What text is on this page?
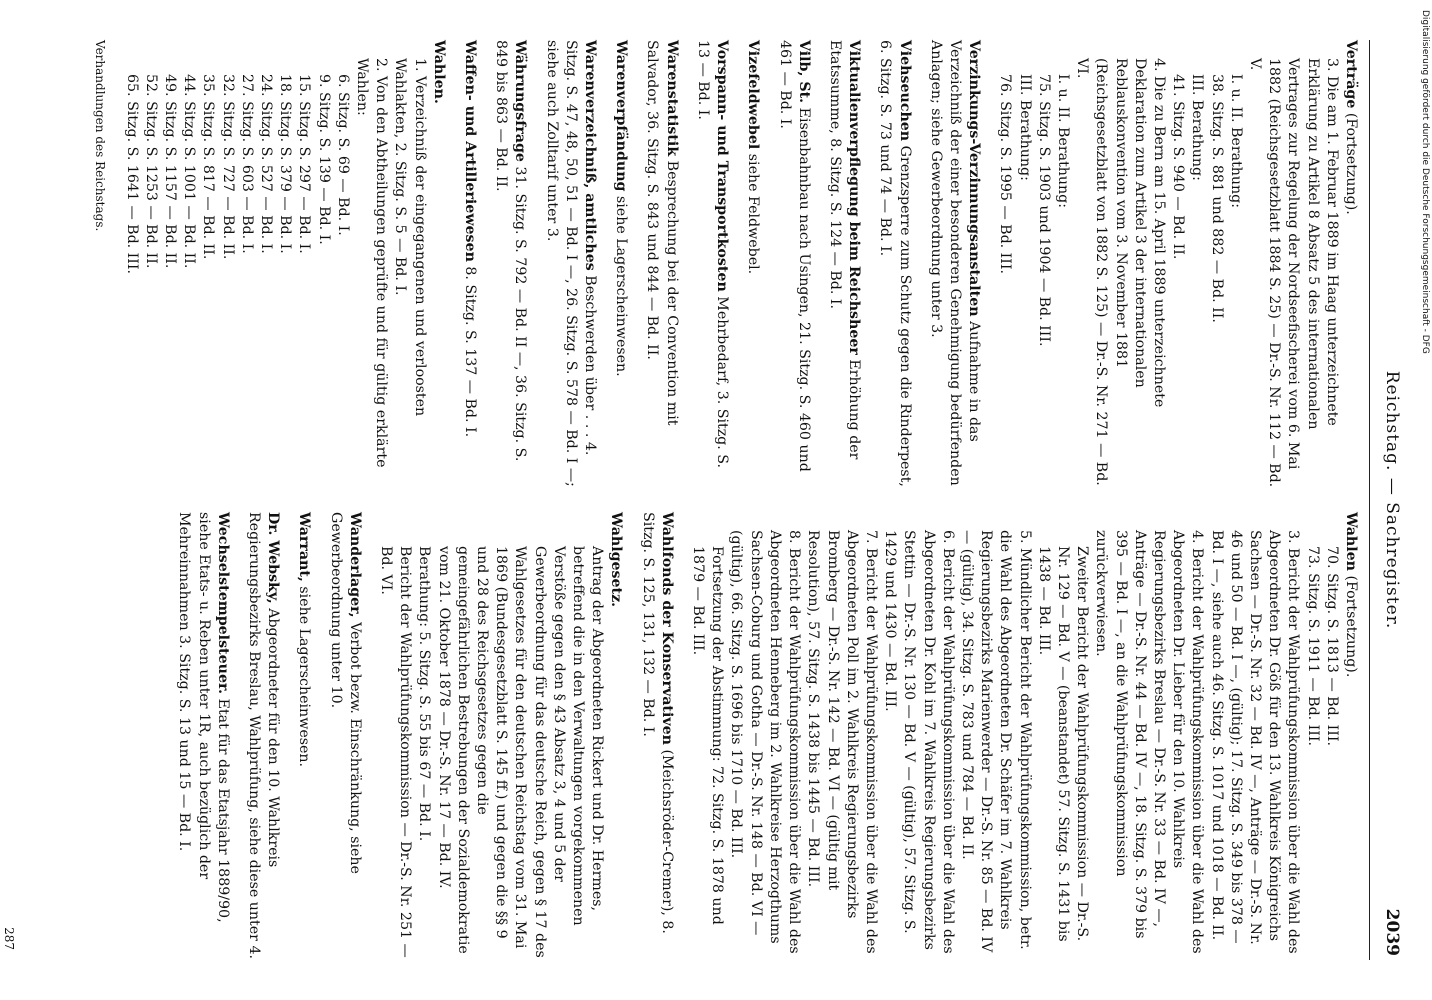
Reichstag. — Sachregister.
2039
Verträge (Fortsetzung).
3. Die am 1. Februar 1889 im Haag unterzeichnete Erklärung zu Artikel 8 Absatz 5 des internationalen Vertrages zur Regelung der Nordseefischerei vom 6. Mai 1882 (Reichsgesetzblatt 1884 S. 25) — Dr.-S. Nr. 112 — Bd. V.
I. u. II. Berathung:
38. Sitzg. S. 881 und 882 — Bd. II.
III. Berathung:
41. Sitzg. S. 940 — Bd. II.
4. Die zu Bern am 15. April 1889 unterzeichnete Deklaration zum Artikel 3 der internationalen Reblauskonvention vom 3. November 1881 (Reichsgesetzblatt von 1882 S. 125) — Dr.-S. Nr. 271 — Bd. VI.
I. u. II. Berathung:
75. Sitzg. S. 1903 und 1904 — Bd. III.
III. Berathung:
76. Sitzg. S. 1995 — Bd. III.
Verzinkungs-Verzinnungsanstalten Aufnahme in das Verzeichniß der einer besonderen Genehmigung bedürfenden Anlagen; siehe Gewerbeordnung unter 3.
Viehseuchen Grenzsperre zum Schutz gegen die Rinderpest, 6. Sitzg. S. 73 und 74 — Bd. I.
Viktualienverpflegung beim Reichsheer Erhöhung der Etatssumme, 8. Sitzg. S. 124 — Bd. I.
Vilb, St. Eisenbahnbau nach Usingen, 21. Sitzg. S. 460 und 461 — Bd. I.
Vizefeldwebel siehe Feldwebel.
Vorspann- und Transportkosten Mehrbedarf, 3. Sitzg. S. 13 — Bd. I.
Warenstatistik Besprechung bei der Convention mit Salvador, 36. Sitzg. S. 843 und 844 — Bd. II.
Warenverpfändung siehe Lagerscheinwesen.
Warenverzeichniß, amtliches Beschwerden über . . . 4. Sitzg. S. 47, 48, 50, 51 — Bd. I —, 26. Sitzg. S. 578 — Bd. I —; siehe auch Zolltarif unter 3.
Währungsfrage 31. Sitzg. S. 792 — Bd. II —, 36. Sitzg. S. 849 bis 863 — Bd. II.
Waffen- und Artilleriewesen 8. Sitzg. S. 137 — Bd. I.
Wahlen.
1. Verzeichniß der eingegangenen und verloosten Wahlakten, 2. Sitzg. S. 5 — Bd. I.
2. Von den Abtheilungen geprüfte und für gültig erklärte Wahlen:
6. Sitzg. S. 69 — Bd. I.
9. Sitzg. S. 139 — Bd. I.
15. Sitzg. S. 297 — Bd. I.
18. Sitzg. S. 379 — Bd. I.
24. Sitzg. S. 527 — Bd. I.
27. Sitzg. S. 603 — Bd. I.
32. Sitzg. S. 727 — Bd. II.
35. Sitzg. S. 817 — Bd. II.
44. Sitzg. S. 1001 — Bd. II.
49. Sitzg. S. 1157 — Bd. II.
52. Sitzg. S. 1253 — Bd. II.
65. Sitzg. S. 1641 — Bd. III.
Verhandlungen des Reichstags.
Wahlen (Fortsetzung).
70. Sitzg. S. 1813 — Bd. III.
73. Sitzg. S. 1911 — Bd. III.
3. Bericht der Wahlprüfungskommission über die Wahl des Abgeordneten Dr. Göß für den 13. Wahlkreis Königreichs Sachsen — Dr.-S. Nr. 32 — Bd. IV —, Anträge — Dr.-S. Nr. 46 und 50 — Bd. I —, (gültig); 17. Sitzg. S. 349 bis 378 — Bd. I —, siehe auch 46. Sitzg. S. 1017 und 1018 — Bd. II.
4. Bericht der Wahlprüfungskommission über die Wahl des Abgeordneten Dr. Lieber für den 10. Wahlkreis Regierungsbezirks Breslau — Dr.-S. Nr. 33 — Bd. IV —, Anträge — Dr.-S. Nr. 44 — Bd. IV —, 18. Sitzg. S. 379 bis 395 — Bd. I —, an die Wahlprüfungskommission zurückverwiesen.
Zweiter Bericht der Wahlprüfungskommission — Dr.-S. Nr. 129 — Bd. V — (beanstandet) 57. Sitzg. S. 1431 bis 1438 — Bd. III.
5. Mündlicher Bericht der Wahlprüfungskommission, betr. die Wahl des Abgeordneten Dr. Schäfer im 7. Wahlkreis Regierungsbezirks Marienwerder — Dr.-S. Nr. 85 — Bd. IV — (gültig), 34. Sitzg. S. 783 und 784 — Bd. II.
6. Bericht der Wahlprüfungskommission über die Wahl des Abgeordneten Dr. Kohl im 7. Wahlkreis Regierungsbezirks Stettin — Dr.-S. Nr. 130 — Bd. V — (gültig), 57. Sitzg. S. 1429 und 1430 — Bd. III.
7. Bericht der Wahlprüfungskommission über die Wahl des Abgeordneten Poll im 2. Wahlkreis Regierungsbezirks Bromberg — Dr.-S. Nr. 142 — Bd. VI — (gültig mit Resolution), 57. Sitzg. S. 1438 bis 1445 — Bd. III.
8. Bericht der Wahlprüfungskommission über die Wahl des Abgeordneten Henneberg im 2. Wahlkreise Herzogthums Sachsen-Coburg und Gotha — Dr.-S. Nr. 148 — Bd. VI — (gültig), 66. Sitzg. S. 1696 bis 1710 — Bd. III.
Fortsetzung der Abstimmung: 72. Sitzg. S. 1878 und 1879 — Bd. III.
Wahlfonds der Konservativen (Meichsröder-Cremer), 8. Sitzg. S. 125, 131, 132 — Bd. I.
Wahlgesetz.
Antrag der Abgeordneten Rickert und Dr. Hermes, betreffend die in den Verwaltungen vorgekommenen Verstöße gegen den § 43 Absatz 3, 4 und 5 der Gewerbeordnung für das deutsche Reich, gegen § 17 des Wahlgesetzes für den deutschen Reichstag vom 31. Mai 1869 (Bundesgesetzblatt S. 145 ff.) und gegen die §§ 9 und 28 des Reichsgesetzes gegen die gemeingefährlichen Bestrebungen der Sozialdemokratie vom 21. Oktober 1878 — Dr.-S. Nr. 17 — Bd. IV.
Berathung: 5. Sitzg. S. 55 bis 67 — Bd. I.
Bericht der Wahlprüfungskommission — Dr.-S. Nr. 251 — Bd. VI.
Wanderlager, Verbot bezw. Einschränkung, siehe Gewerbeordnung unter 10.
Warrant, siehe Lagerscheinwesen.
Dr. Websky, Abgeordneter für den 10. Wahlkreis Regierungsbezirks Breslau, Wahlprüfung, siehe diese unter 4.
Wechselstempelsteuer. Etat für das Etatsjahr 1889/90, siehe Etats- u. Reben unter 1R, auch bezüglich der Mehreinnahmen 3. Sitzg. S. 13 und 15 — Bd. I.
287
Digitalisierung gefördert durch die Deutsche Forschungsgemeinschaft - DFG
